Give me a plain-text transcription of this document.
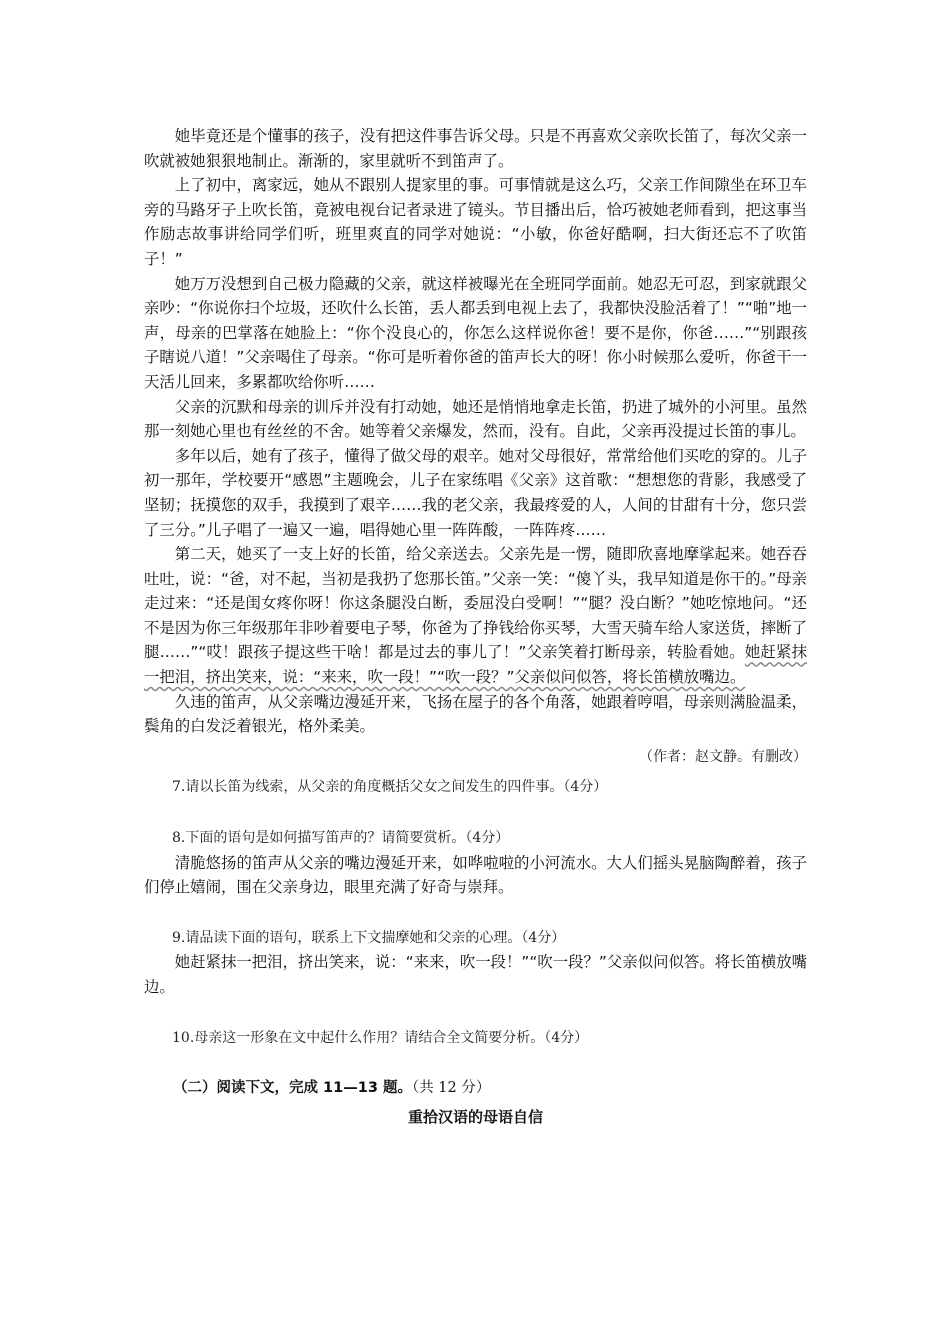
她毕竟还是个懂事的孩子，没有把这件事告诉父母。只是不再喜欢父亲吹长笛了，每次父亲一吹就被她狠狠地制止。渐渐的，家里就听不到笛声了。

上了初中，离家远，她从不跟别人提家里的事。可事情就是这么巧，父亲工作间隙坐在环卫车旁的马路牙子上吹长笛，竟被电视台记者录进了镜头。节目播出后，恰巧被她老师看到，把这事当作励志故事讲给同学们听，班里爽直的同学对她说：“小敏，你爸好酷啊，扫大街还忘不了吹笛子！”

她万万没想到自己极力隐藏的父亲，就这样被曝光在全班同学面前。她忍无可忍，到家就跟父亲吵：“你说你扫个垃圾，还吹什么长笛，丢人都丢到电视上去了，我都快没脸活着了！”“啪”地一声，母亲的巴掌落在她脸上：“你个没良心的，你怎么这样说你爸！要不是你，你爸……”“别跟孩子瞎说八道！”父亲喝住了母亲。“你可是听着你爸的笛声长大的呀！你小时候那么爱听，你爸干一天活儿回来，多累都吹给你听……

父亲的沉默和母亲的训斥并没有打动她，她还是悄悄地拿走长笛，扔进了城外的小河里。虽然那一刻她心里也有丝丝的不舍。她等着父亲爆发，然而，没有。自此，父亲再没提过长笛的事儿。

多年以后，她有了孩子，懂得了做父母的艰辛。她对父母很好，常常给他们买吃的穿的。儿子初一那年，学校要开“感恩”主题晚会，儿子在家练唱《父亲》这首歌：“想想您的背影，我感受了坚韧；抚摸您的双手，我摸到了艰辛……我的老父亲，我最疼爱的人，人间的甘甜有十分，您只尝了三分。”儿子唱了一遍又一遍，唱得她心里一阵阵酸，一阵阵疼……

第二天，她买了一支上好的长笛，给父亲送去。父亲先是一愣，随即欣喜地摩挲起来。她吞吞吐吐，说：“爸，对不起，当初是我扔了您那长笛。”父亲一笑：“傻丫头，我早知道是你干的。”母亲走过来：“还是闺女疼你呀！你这条腿没白断，委屈没白受啊！”“腿？没白断？”她吃惊地问。“还不是因为你三年级那年非吵着要电子琴，你爸为了挣钱给你买琴，大雪天骑车给人家送货，摔断了腿……”“哎！跟孩子提这些干啥！都是过去的事儿了！”父亲笑着打断母亲，转脸看她。她赶紧抹一把泪，挤出笑来，说：“来来，吹一段！”“吹一段？”父亲似问似答，将长笛横放嘴边。

久违的笛声，从父亲嘴边漫延开来，飞扬在屋子的各个角落，她跟着哼唱，母亲则满脸温柔，鬓角的白发泛着银光，格外柔美。

（作者：赵文静。有删改）

7.请以长笛为线索，从父亲的角度概括父女之间发生的四件事。（4分）

8.下面的语句是如何描写笛声的？请简要赏析。（4分）

清脆悠扬的笛声从父亲的嘴边漫延开来，如哗啦啦的小河流水。大人们摇头晃脑陶醉着，孩子们停止嬉闹，围在父亲身边，眼里充满了好奇与崇拜。

9.请品读下面的语句，联系上下文揣摩她和父亲的心理。（4分）

她赶紧抹一把泪，挤出笑来，说：“来来，吹一段！”“吹一段？”父亲似问似答。将长笛横放嘴边。

10.母亲这一形象在文中起什么作用？请结合全文简要分析。（4分）

（二）阅读下文，完成 11—13 题。（共 12 分）

重拾汉语的母语自信
